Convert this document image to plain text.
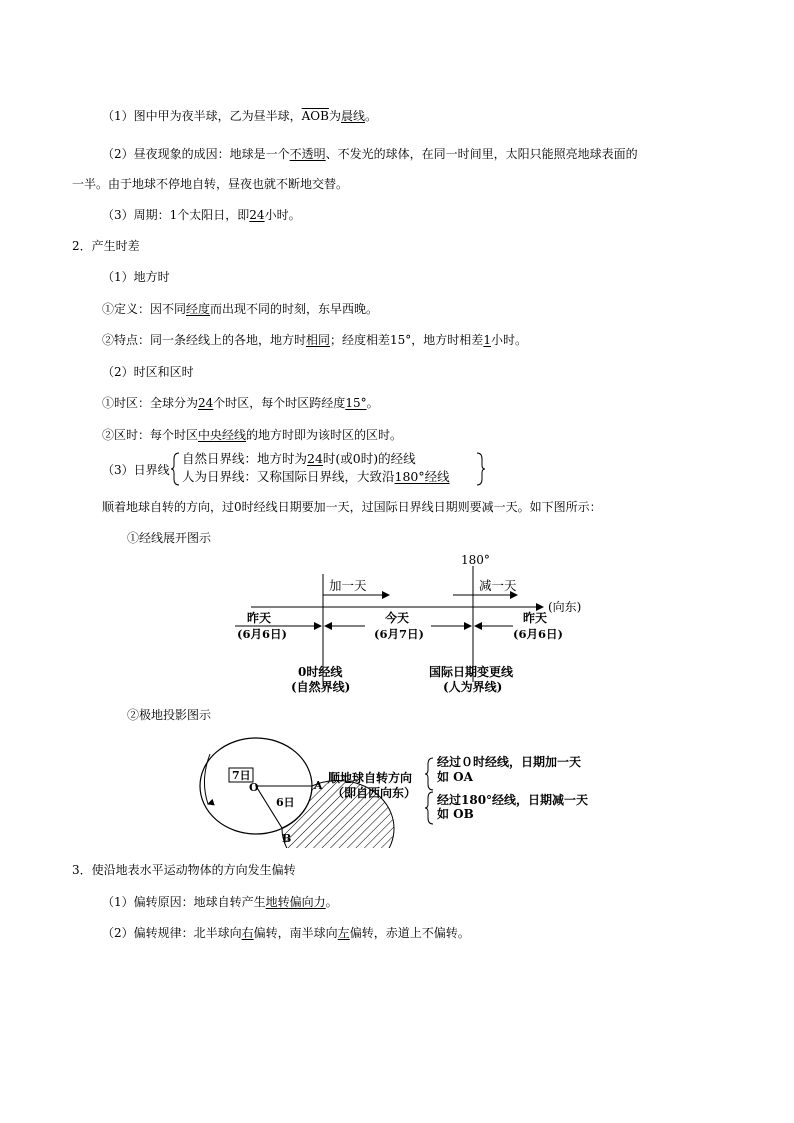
（1）图中甲为夜半球，乙为昼半球，$\overline{AOB}$为晨线。
（2）昼夜现象的成因：地球是一个不透明、不发光的球体，在同一时间里，太阳只能照亮地球表面的
一半。由于地球不停地自转，昼夜也就不断地交替。
（3）周期：1个太阳日，即24小时。
2．产生时差
（1）地方时
①定义：因不同经度而出现不同的时刻，东早西晚。
②特点：同一条经线上的各地，地方时相同；经度相差15°，地方时相差1小时。
（2）时区和区时
①时区：全球分为24个时区，每个时区跨经度15°。
②区时：每个时区中央经线的地方时即为该时区的区时。
（3）日界线
自然日界线：地方时为24时(或0时)的经线
人为日界线：又称国际日界线，大致沿180°经线
顺着地球自转的方向，过0时经线日期要加一天，过国际日界线日期则要减一天。如下图所示：
①经线展开图示
180°
加一天	减一天
(向东)
昨天
(6月6日)
今天
(6月7日)
昨天
(6月6日)
0时经线
(自然界线)
国际日期变更线
(人为界线)
②极地投影图示
7日
6日
O	A
B
顺地球自转方向
（即自西向东）
经过０时经线，日期加一天
如 OA
经过180°经线，日期减一天
如 OB
3．使沿地表水平运动物体的方向发生偏转
（1）偏转原因：地球自转产生地转偏向力。
（2）偏转规律：北半球向右偏转，南半球向左偏转，赤道上不偏转。
